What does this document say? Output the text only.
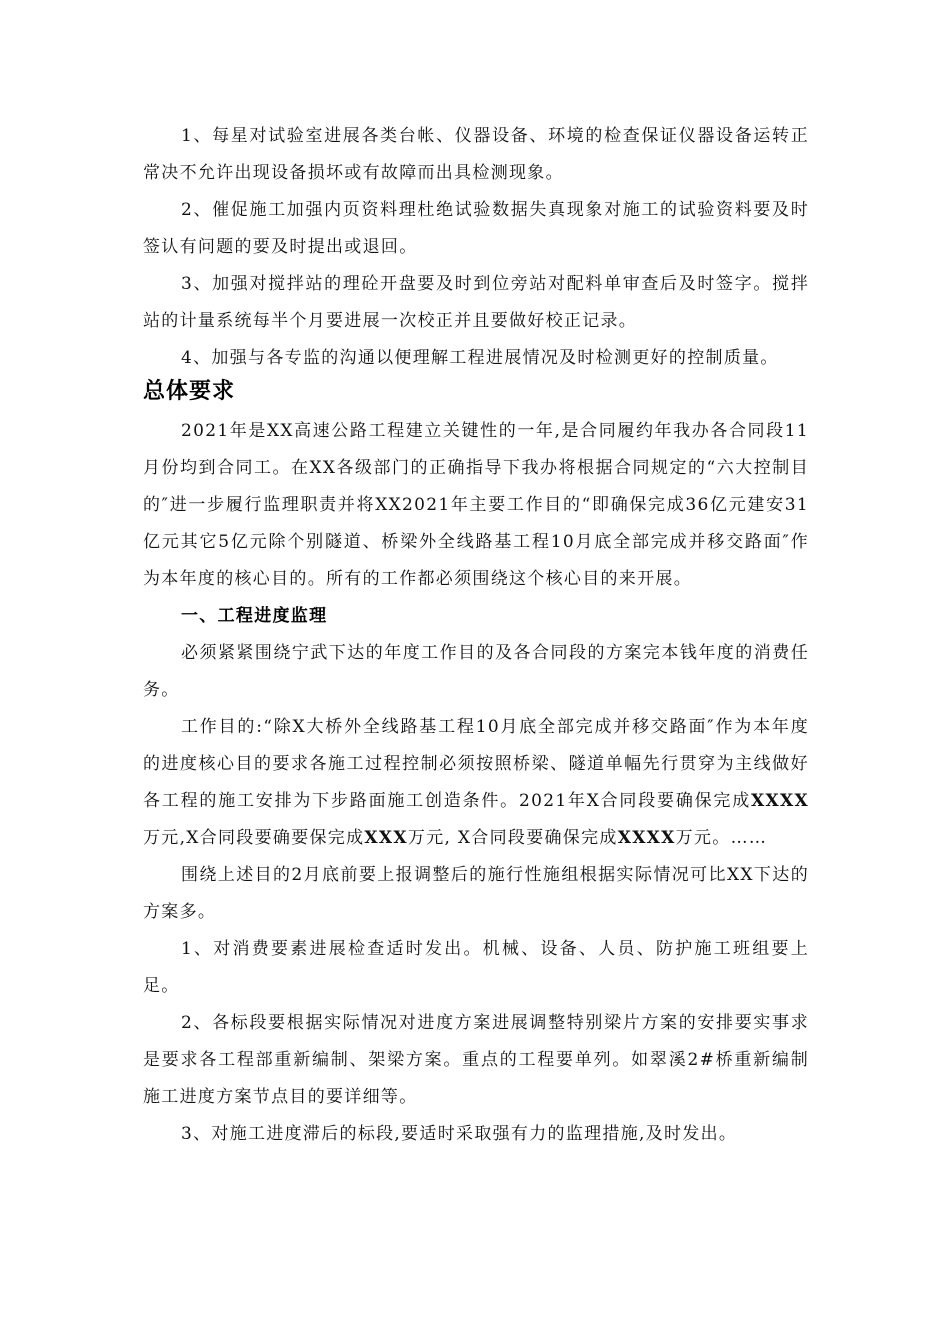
1、每星对试验室进展各类台帐、仪器设备、环境的检查保证仪器设备运转正常决不允许出现设备损坏或有故障而出具检测现象。

2、催促施工加强内页资料理杜绝试验数据失真现象对施工的试验资料要及时签认有问题的要及时提出或退回。

3、加强对搅拌站的理砼开盘要及时到位旁站对配料单审查后及时签字。搅拌站的计量系统每半个月要进展一次校正并且要做好校正记录。

4、加强与各专监的沟通以便理解工程进展情况及时检测更好的控制质量。

总体要求

2021年是XX高速公路工程建立关键性的一年,是合同履约年我办各合同段11月份均到合同工。在XX各级部门的正确指导下我办将根据合同规定的“六大控制目的″进一步履行监理职责并将XX2021年主要工作目的“即确保完成36亿元建安31亿元其它5亿元除个别隧道、桥梁外全线路基工程10月底全部完成并移交路面″作为本年度的核心目的。所有的工作都必须围绕这个核心目的来开展。

一、工程进度监理

必须紧紧围绕宁武下达的年度工作目的及各合同段的方案完本钱年度的消费任务。

工作目的:“除X大桥外全线路基工程10月底全部完成并移交路面″作为本年度的进度核心目的要求各施工过程控制必须按照桥梁、隧道单幅先行贯穿为主线做好各工程的施工安排为下步路面施工创造条件。2021年X合同段要确保完成XXXX万元,X合同段要确要保完成XXX万元, X合同段要确保完成XXXX万元。……

围绕上述目的2月底前要上报调整后的施行性施组根据实际情况可比XX下达的方案多。

1、对消费要素进展检查适时发出。机械、设备、人员、防护施工班组要上足。

2、各标段要根据实际情况对进度方案进展调整特别梁片方案的安排要实事求是要求各工程部重新编制、架梁方案。重点的工程要单列。如翠溪2#桥重新编制施工进度方案节点目的要详细等。

3、对施工进度滞后的标段,要适时采取强有力的监理措施,及时发出。
